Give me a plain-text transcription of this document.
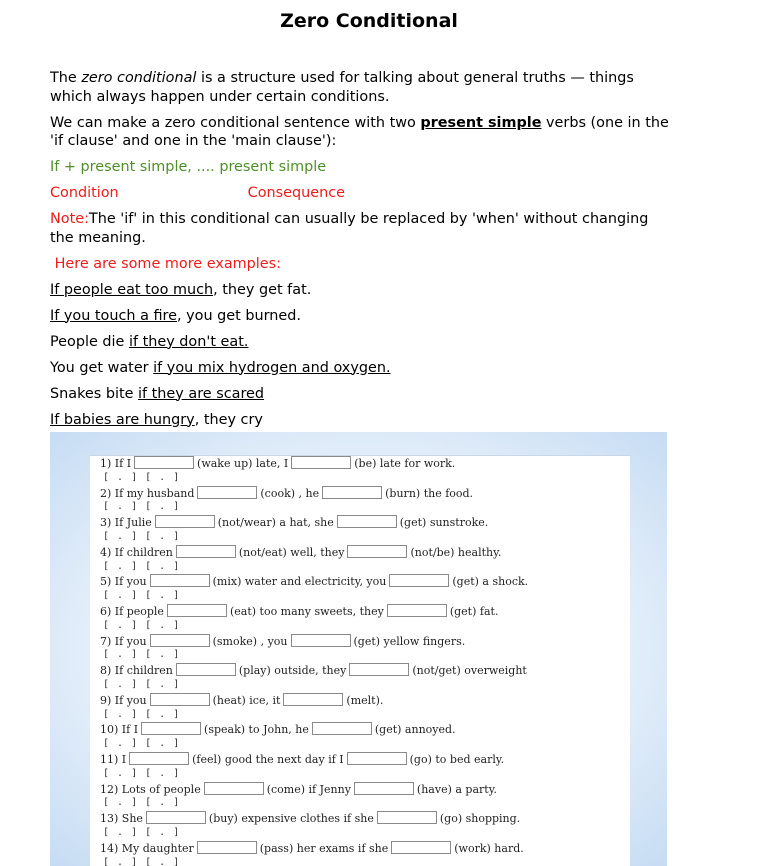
Zero Conditional

The zero conditional is a structure used for talking about general truths — things which always happen under certain conditions.

We can make a zero conditional sentence with two present simple verbs (one in the 'if clause' and one in the 'main clause'):

If + present simple, .... present simple

Condition	Consequence

Note:The 'if' in this conditional can usually be replaced by 'when' without changing the meaning.

Here are some more examples:

If people eat too much, they get fat.

If you touch a fire, you get burned.

People die if they don't eat.

You get water if you mix hydrogen and oxygen.

Snakes bite if they are scared

If babies are hungry, they cry

1) If I	(wake up) late, I	(be) late for work.
[ . ] [ . ]
2) If my husband	(cook) , he	(burn) the food.
[ . ] [ . ]
3) If Julie	(not/wear) a hat, she	(get) sunstroke.
[ . ] [ . ]
4) If children	(not/eat) well, they	(not/be) healthy.
[ . ] [ . ]
5) If you	(mix) water and electricity, you	(get) a shock.
[ . ] [ . ]
6) If people	(eat) too many sweets, they	(get) fat.
[ . ] [ . ]
7) If you	(smoke) , you	(get) yellow fingers.
[ . ] [ . ]
8) If children	(play) outside, they	(not/get) overweight
[ . ] [ . ]
9) If you	(heat) ice, it	(melt).
[ . ] [ . ]
10) If I	(speak) to John, he	(get) annoyed.
[ . ] [ . ]
11) I	(feel) good the next day if I	(go) to bed early.
[ . ] [ . ]
12) Lots of people	(come) if Jenny	(have) a party.
[ . ] [ . ]
13) She	(buy) expensive clothes if she	(go) shopping.
[ . ] [ . ]
14) My daughter	(pass) her exams if she	(work) hard.
[ . ] [ . ]
